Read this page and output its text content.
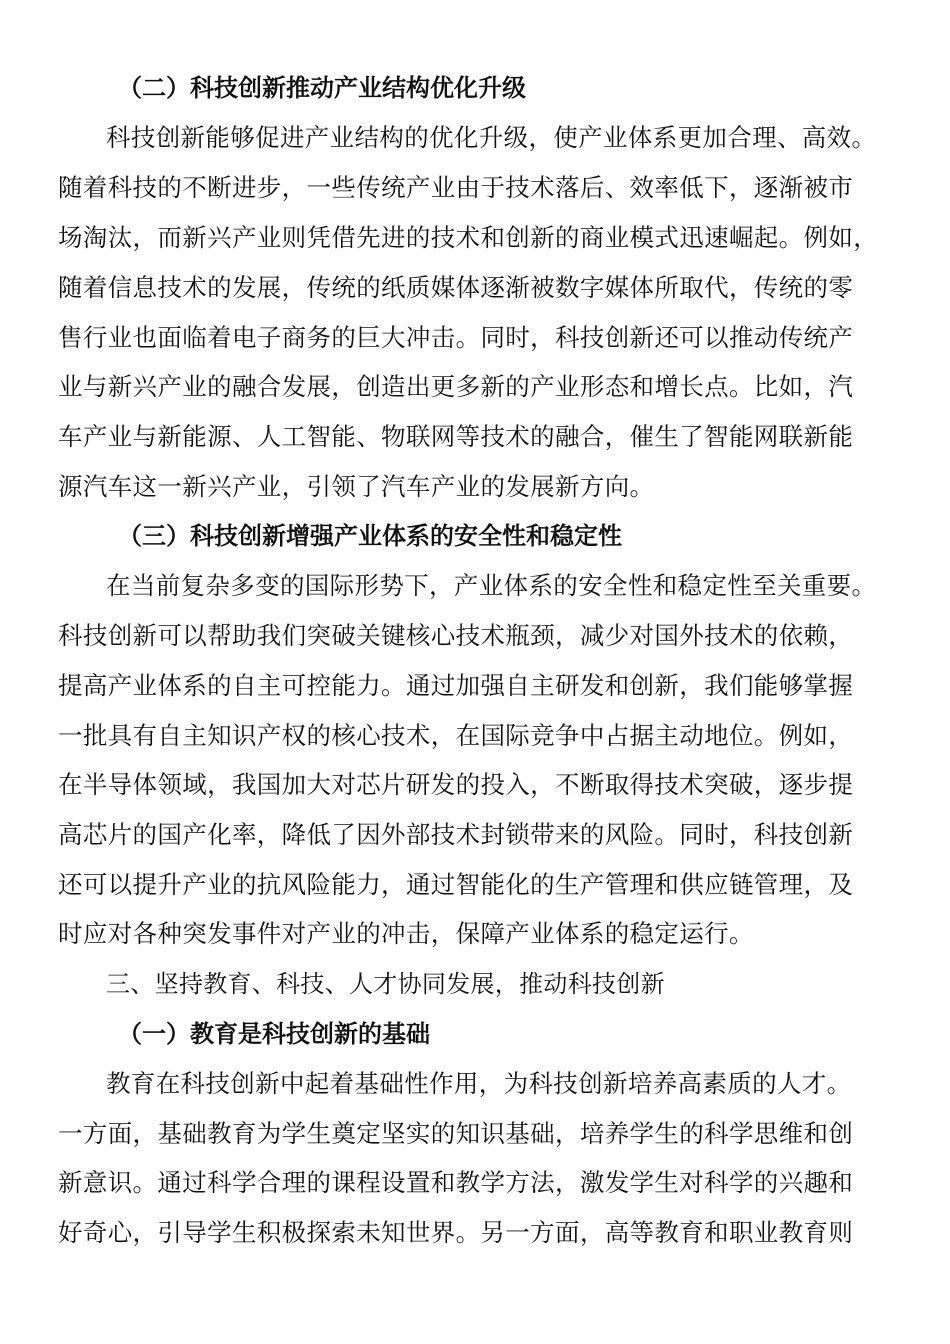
（二）科技创新推动产业结构优化升级
科技创新能够促进产业结构的优化升级，使产业体系更加合理、高效。
随着科技的不断进步，一些传统产业由于技术落后、效率低下，逐渐被市
场淘汰，而新兴产业则凭借先进的技术和创新的商业模式迅速崛起。例如，
随着信息技术的发展，传统的纸质媒体逐渐被数字媒体所取代，传统的零
售行业也面临着电子商务的巨大冲击。同时，科技创新还可以推动传统产
业与新兴产业的融合发展，创造出更多新的产业形态和增长点。比如，汽
车产业与新能源、人工智能、物联网等技术的融合，催生了智能网联新能
源汽车这一新兴产业，引领了汽车产业的发展新方向。
（三）科技创新增强产业体系的安全性和稳定性
在当前复杂多变的国际形势下，产业体系的安全性和稳定性至关重要。
科技创新可以帮助我们突破关键核心技术瓶颈，减少对国外技术的依赖，
提高产业体系的自主可控能力。通过加强自主研发和创新，我们能够掌握
一批具有自主知识产权的核心技术，在国际竞争中占据主动地位。例如，
在半导体领域，我国加大对芯片研发的投入，不断取得技术突破，逐步提
高芯片的国产化率，降低了因外部技术封锁带来的风险。同时，科技创新
还可以提升产业的抗风险能力，通过智能化的生产管理和供应链管理，及
时应对各种突发事件对产业的冲击，保障产业体系的稳定运行。
三、坚持教育、科技、人才协同发展，推动科技创新
（一）教育是科技创新的基础
教育在科技创新中起着基础性作用，为科技创新培养高素质的人才。
一方面，基础教育为学生奠定坚实的知识基础，培养学生的科学思维和创
新意识。通过科学合理的课程设置和教学方法，激发学生对科学的兴趣和
好奇心，引导学生积极探索未知世界。另一方面，高等教育和职业教育则
